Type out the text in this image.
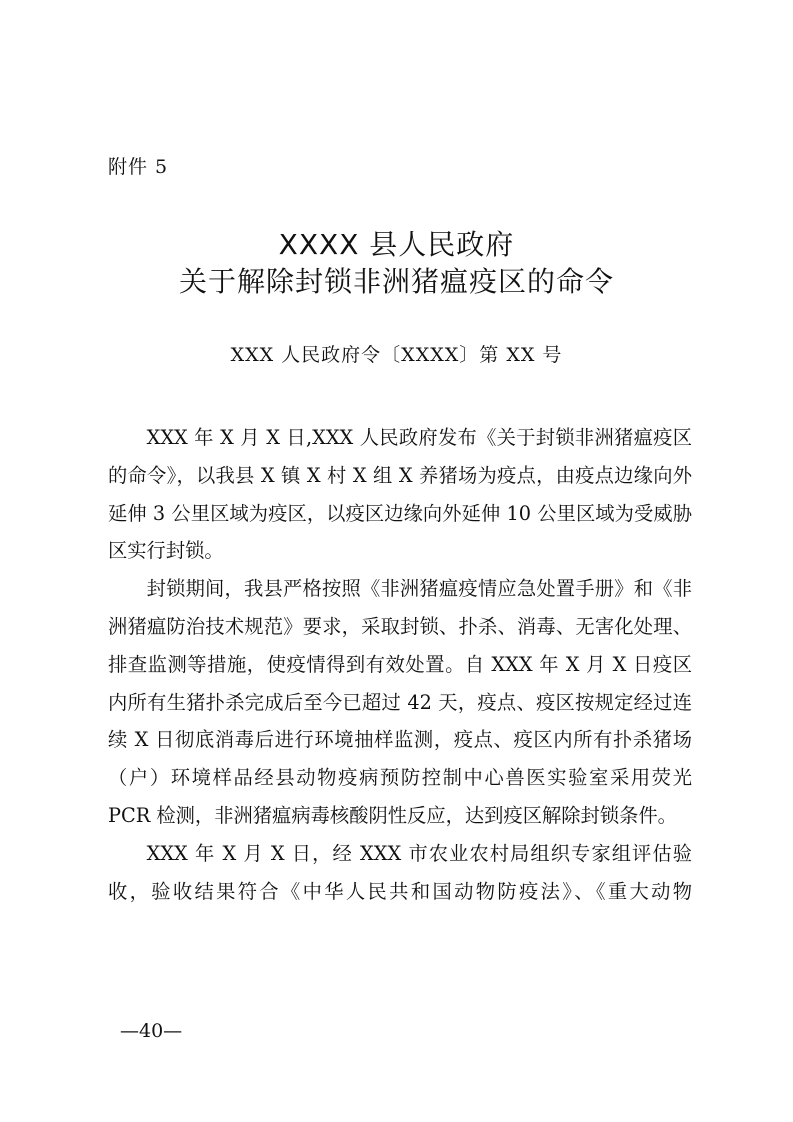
附件 5
XXXX 县人民政府
关于解除封锁非洲猪瘟疫区的命令
XXX 人民政府令〔XXXX〕第 XX 号

XXX 年 X 月 X 日,XXX 人民政府发布《关于封锁非洲猪瘟疫区的命令》，以我县 X 镇 X 村 X 组 X 养猪场为疫点，由疫点边缘向外延伸 3 公里区域为疫区，以疫区边缘向外延伸 10 公里区域为受威胁区实行封锁。

封锁期间，我县严格按照《非洲猪瘟疫情应急处置手册》和《非洲猪瘟防治技术规范》要求，采取封锁、扑杀、消毒、无害化处理、排查监测等措施，使疫情得到有效处置。自 XXX 年 X 月 X 日疫区内所有生猪扑杀完成后至今已超过 42 天，疫点、疫区按规定经过连续 X 日彻底消毒后进行环境抽样监测，疫点、疫区内所有扑杀猪场（户）环境样品经县动物疫病预防控制中心兽医实验室采用荧光 PCR 检测，非洲猪瘟病毒核酸阴性反应，达到疫区解除封锁条件。

XXX 年 X 月 X 日，经 XXX 市农业农村局组织专家组评估验收，验收结果符合《中华人民共和国动物防疫法》、《重大动物

—40—
